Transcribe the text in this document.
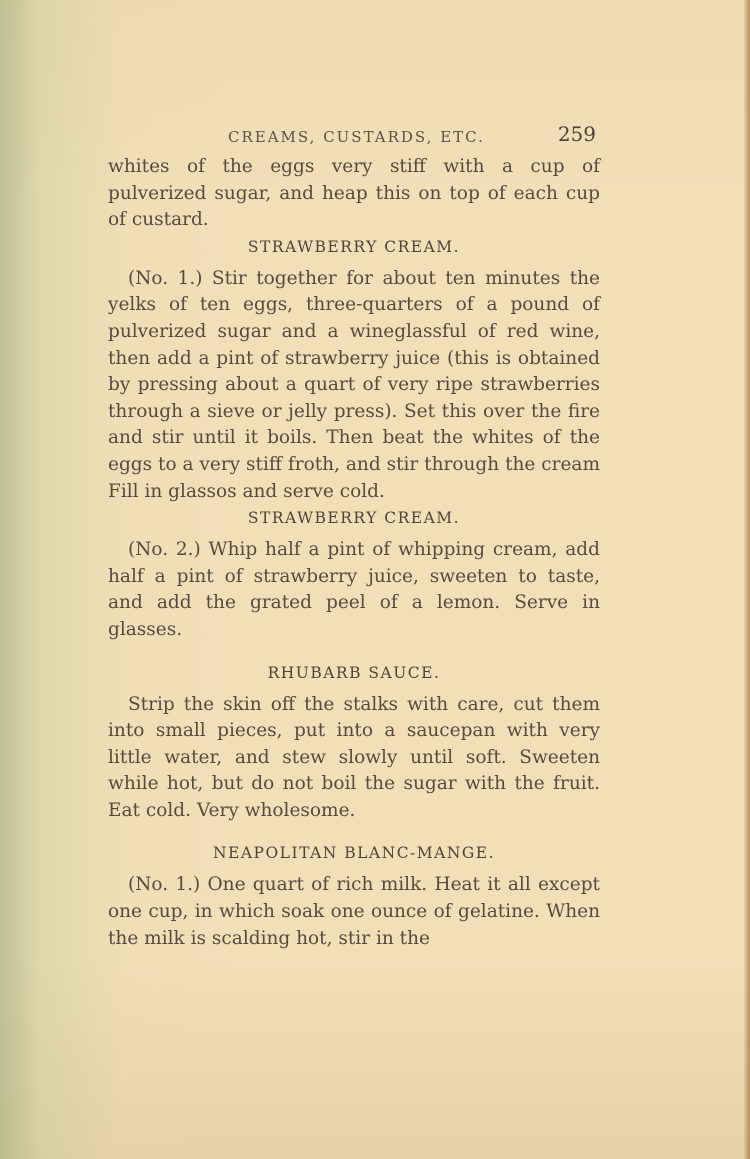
CREAMS, CUSTARDS, ETC.	259

whites of the eggs very stiff with a cup of pulverized sugar, and heap this on top of each cup of custard.

STRAWBERRY CREAM.

(No. 1.) Stir together for about ten minutes the yelks of ten eggs, three-quarters of a pound of pulverized sugar and a wineglassful of red wine, then add a pint of strawberry juice (this is obtained by pressing about a quart of very ripe strawberries through a sieve or jelly press). Set this over the fire and stir until it boils. Then beat the whites of the eggs to a very stiff froth, and stir through the cream Fill in glassos and serve cold.

STRAWBERRY CREAM.

(No. 2.) Whip half a pint of whipping cream, add half a pint of strawberry juice, sweeten to taste, and add the grated peel of a lemon. Serve in glasses.

RHUBARB SAUCE.

Strip the skin off the stalks with care, cut them into small pieces, put into a saucepan with very little water, and stew slowly until soft. Sweeten while hot, but do not boil the sugar with the fruit. Eat cold. Very wholesome.

NEAPOLITAN BLANC-MANGE.

(No. 1.) One quart of rich milk. Heat it all except one cup, in which soak one ounce of gelatine. When the milk is scalding hot, stir in the
